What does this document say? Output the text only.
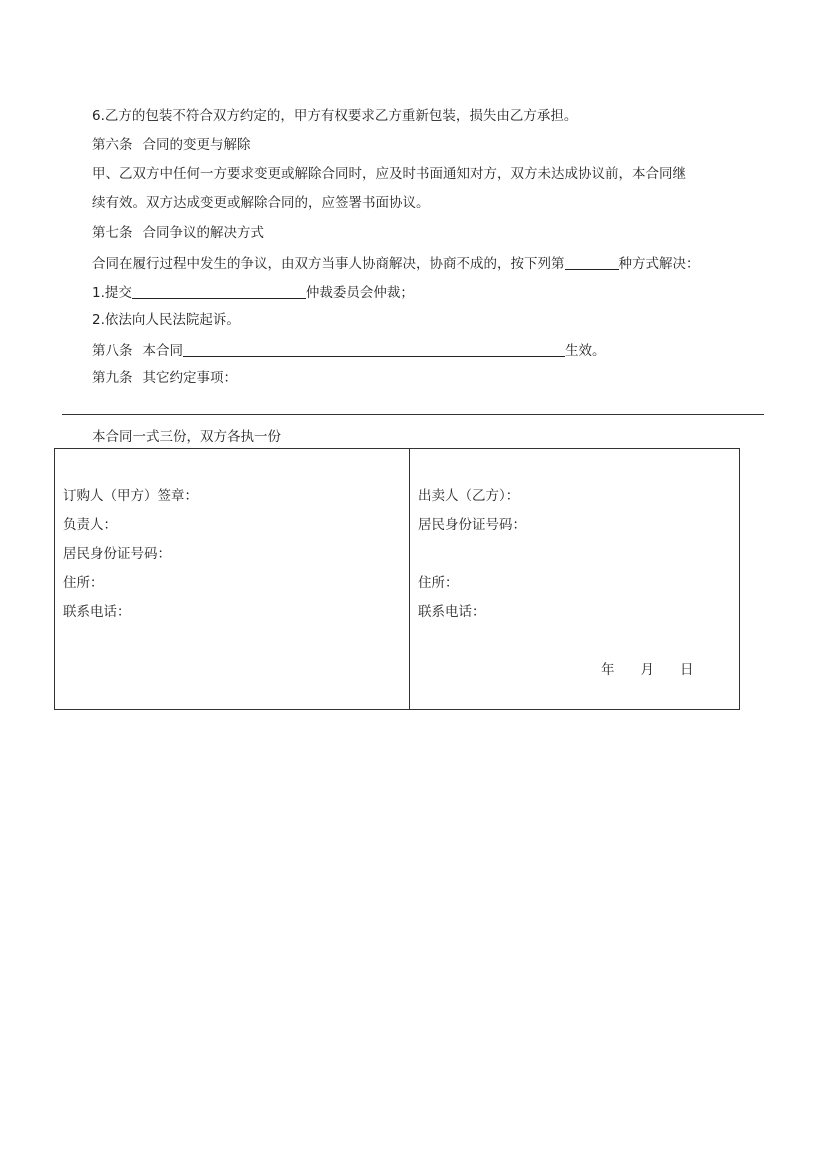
6.乙方的包装不符合双方约定的，甲方有权要求乙方重新包装，损失由乙方承担。
第六条 合同的变更与解除
甲、乙双方中任何一方要求变更或解除合同时，应及时书面通知对方，双方未达成协议前，本合同继
续有效。双方达成变更或解除合同的，应签署书面协议。
第七条 合同争议的解决方式
合同在履行过程中发生的争议，由双方当事人协商解决，协商不成的，按下列第	种方式解决：
1.提交	仲裁委员会仲裁；
2.依法向人民法院起诉。
第八条 本合同	生效。
第九条 其它约定事项：
本合同一式三份，双方各执一份
订购人（甲方）签章：
负责人：
居民身份证号码：
住所：
联系电话：
出卖人（乙方）：
居民身份证号码：
住所：
联系电话：
年 月 日
